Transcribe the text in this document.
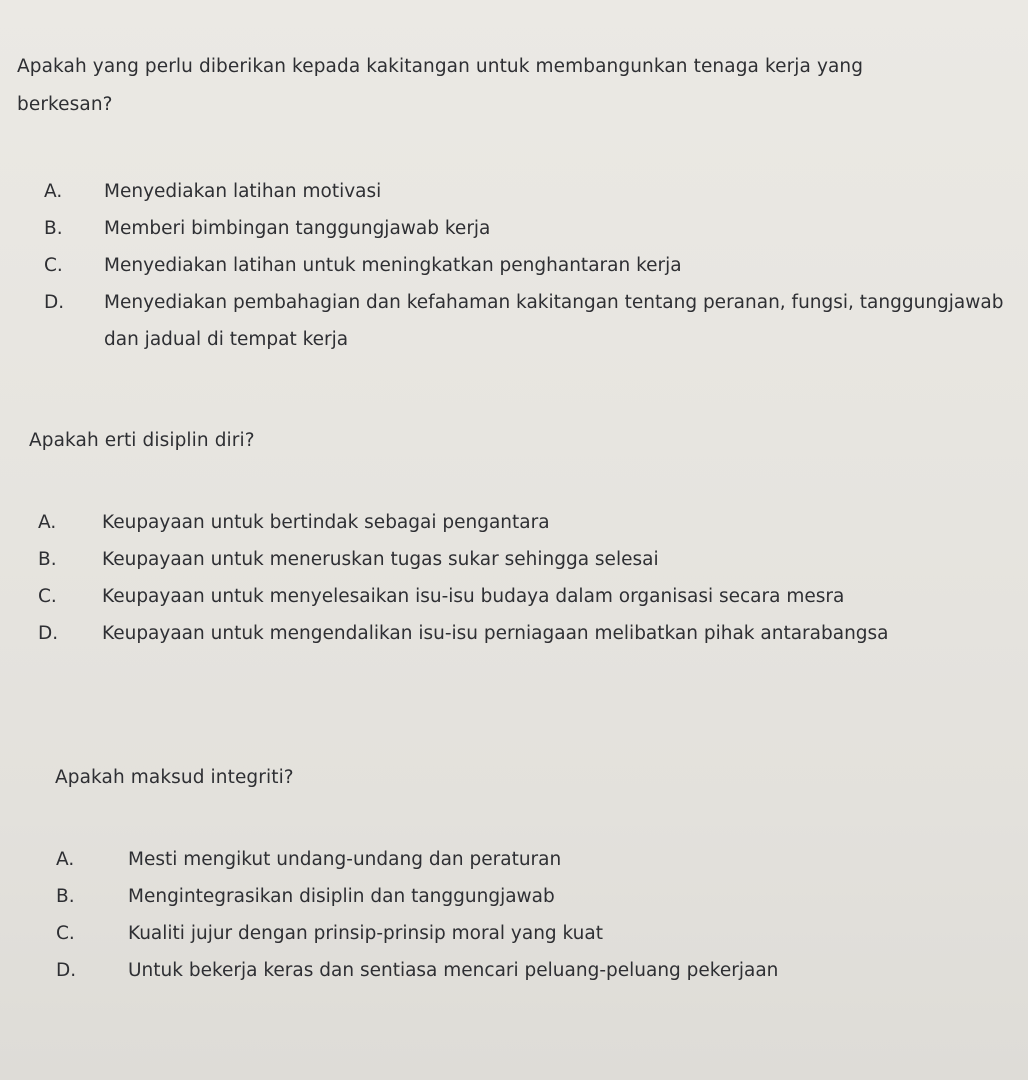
Apakah yang perlu diberikan kepada kakitangan untuk membangunkan tenaga kerja yang berkesan?

A.	Menyediakan latihan motivasi
B.	Memberi bimbingan tanggungjawab kerja
C.	Menyediakan latihan untuk meningkatkan penghantaran kerja
D.	Menyediakan pembahagian dan kefahaman kakitangan tentang peranan, fungsi, tanggungjawab dan jadual di tempat kerja

Apakah erti disiplin diri?

A.	Keupayaan untuk bertindak sebagai pengantara
B.	Keupayaan untuk meneruskan tugas sukar sehingga selesai
C.	Keupayaan untuk menyelesaikan isu-isu budaya dalam organisasi secara mesra
D.	Keupayaan untuk mengendalikan isu-isu perniagaan melibatkan pihak antarabangsa

Apakah maksud integriti?

A.	Mesti mengikut undang-undang dan peraturan
B.	Mengintegrasikan disiplin dan tanggungjawab
C.	Kualiti jujur dengan prinsip-prinsip moral yang kuat
D.	Untuk bekerja keras dan sentiasa mencari peluang-peluang pekerjaan
